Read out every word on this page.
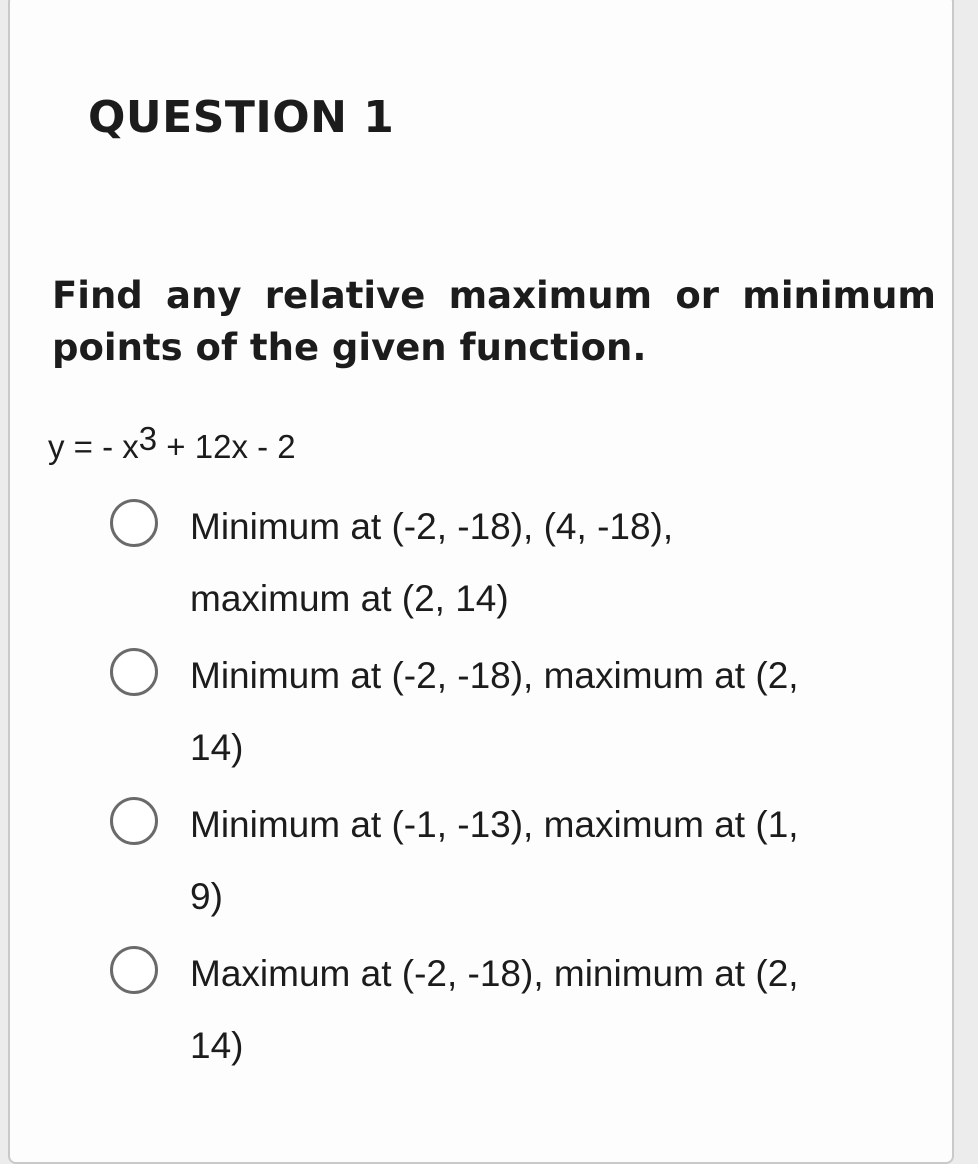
QUESTION 1

Find any relative maximum or minimum points of the given function.

y = - $x^3 + 12x - 2$
Minimum at (-2, -18), (4, -18), maximum at (2, 14)
Minimum at (-2, -18), maximum at (2, 14)
Minimum at (-1, -13), maximum at (1, 9)
Maximum at (-2, -18), minimum at (2, 14)
